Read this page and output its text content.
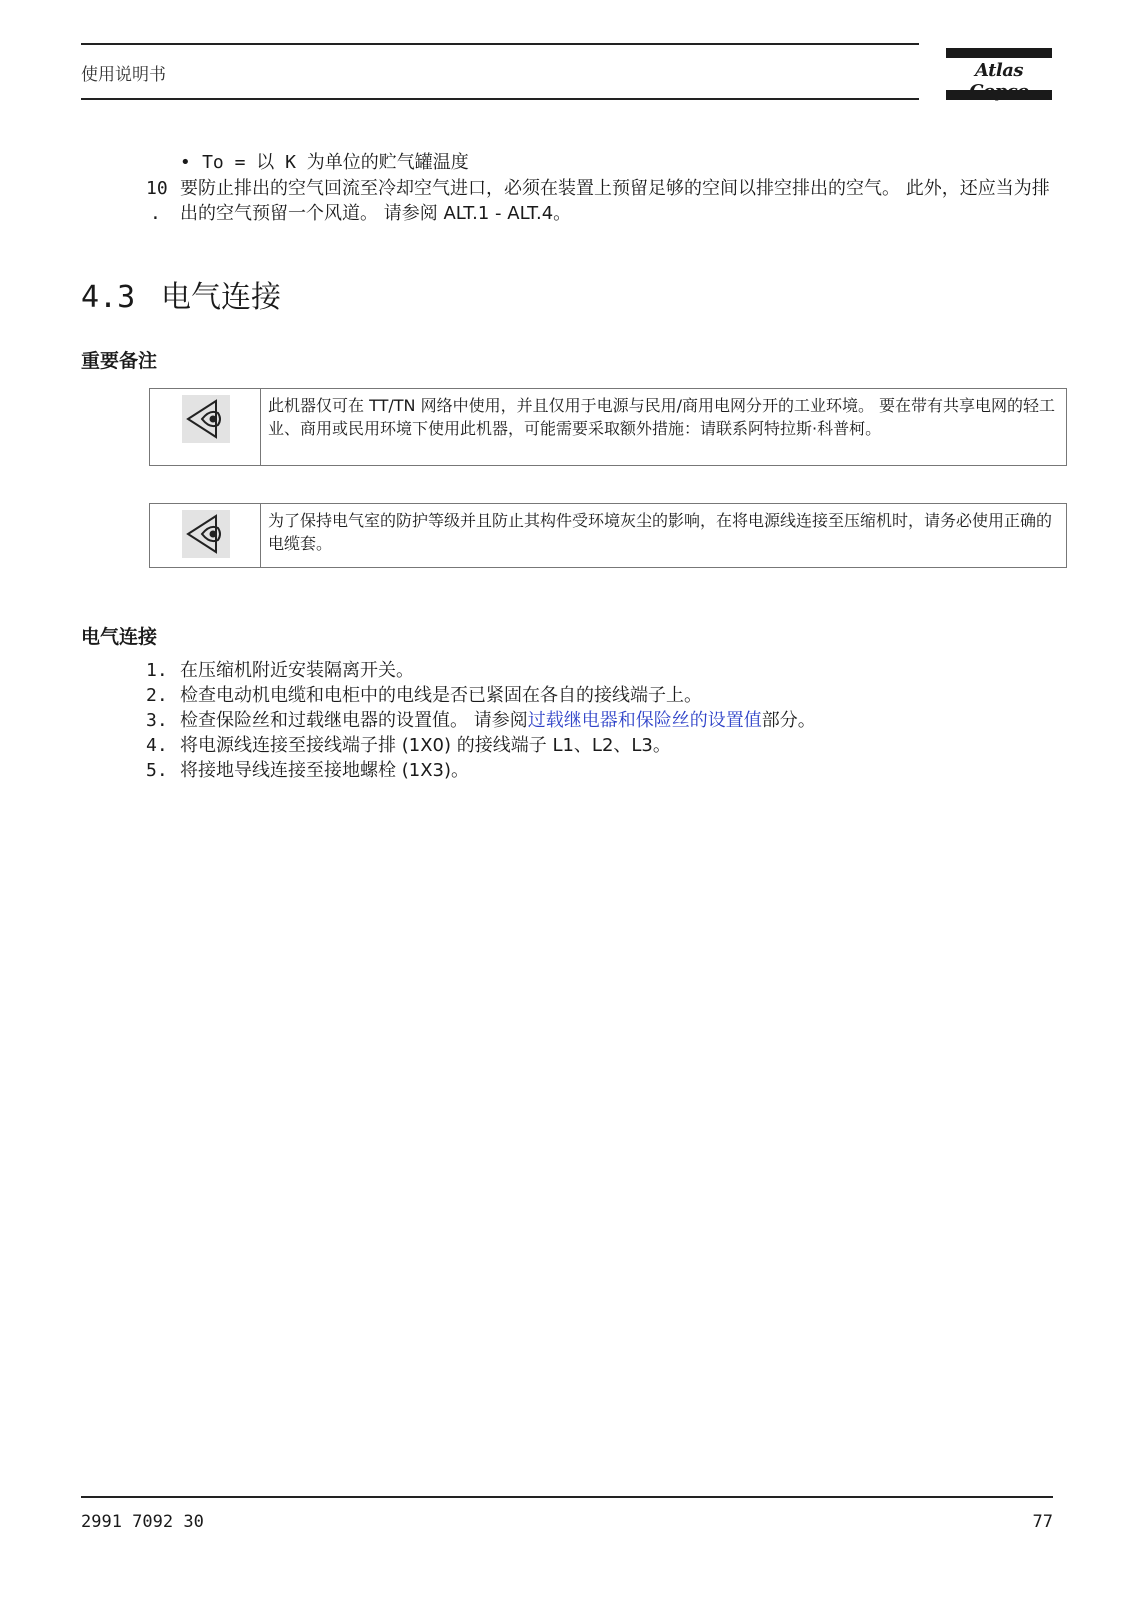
使用说明书	Atlas
• To = 以 K 为单位的贮气罐温度
10
.
要防止排出的空气回流至冷却空气进口，必须在装置上预留足够的空间以排空排出的空气。 此外，还应当为排出的空气预留一个风道。 请参阅 ALT.1 - ALT.4。
4.3 电气连接
重要备注
此机器仅可在 TT/TN 网络中使用，并且仅用于电源与民用/商用电网分开的工业环境。 要在带有共享电网的轻工业、商用或民用环境下使用此机器，可能需要采取额外措施：请联系阿特拉斯·科普柯。
为了保持电气室的防护等级并且防止其构件受环境灰尘的影响，在将电源线连接至压缩机时，请务必使用正确的电缆套。
电气连接
1. 在压缩机附近安装隔离开关。
2. 检查电动机电缆和电柜中的电线是否已紧固在各自的接线端子上。
3. 检查保险丝和过载继电器的设置值。 请参阅过载继电器和保险丝的设置值部分。
4. 将电源线连接至接线端子排 (1X0) 的接线端子 L1、L2、L3。
5. 将接地导线连接至接地螺栓 (1X3)。
2991 7092 30	77
